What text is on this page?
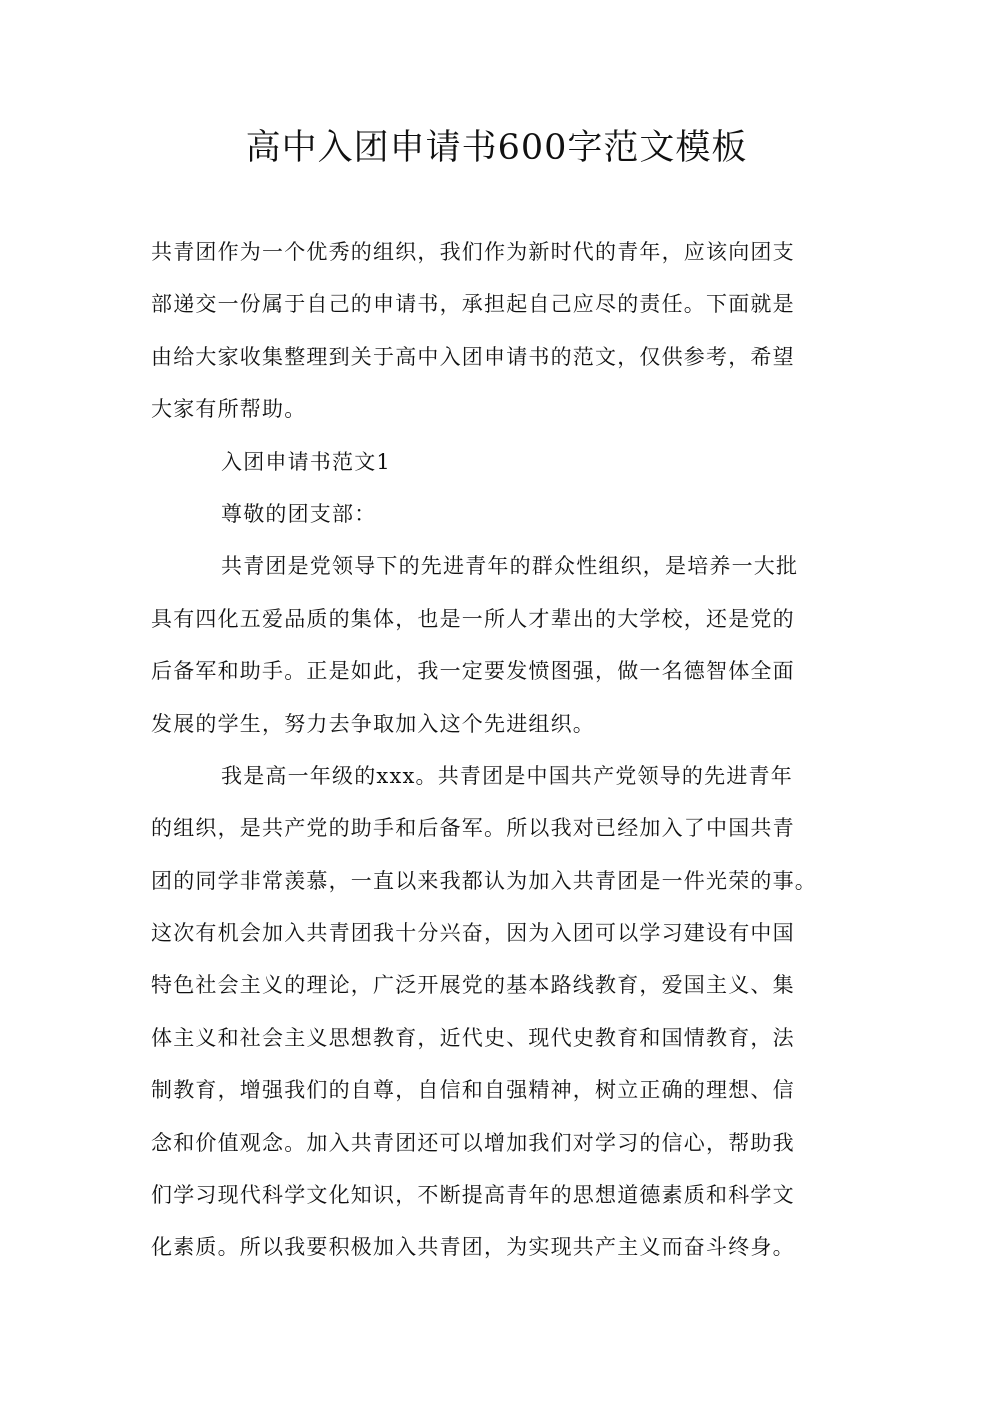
高中入团申请书600字范文模板
共青团作为一个优秀的组织，我们作为新时代的青年，应该向团支
部递交一份属于自己的申请书，承担起自己应尽的责任。下面就是
由给大家收集整理到关于高中入团申请书的范文，仅供参考，希望
大家有所帮助。
入团申请书范文1
尊敬的团支部：
共青团是党领导下的先进青年的群众性组织，是培养一大批
具有四化五爱品质的集体，也是一所人才辈出的大学校，还是党的
后备军和助手。正是如此，我一定要发愤图强，做一名德智体全面
发展的学生，努力去争取加入这个先进组织。
我是高一年级的xxx。共青团是中国共产党领导的先进青年
的组织，是共产党的助手和后备军。所以我对已经加入了中国共青
团的同学非常羡慕，一直以来我都认为加入共青团是一件光荣的事。
这次有机会加入共青团我十分兴奋，因为入团可以学习建设有中国
特色社会主义的理论，广泛开展党的基本路线教育，爱国主义、集
体主义和社会主义思想教育，近代史、现代史教育和国情教育，法
制教育，增强我们的自尊，自信和自强精神，树立正确的理想、信
念和价值观念。加入共青团还可以增加我们对学习的信心，帮助我
们学习现代科学文化知识，不断提高青年的思想道德素质和科学文
化素质。所以我要积极加入共青团，为实现共产主义而奋斗终身。
